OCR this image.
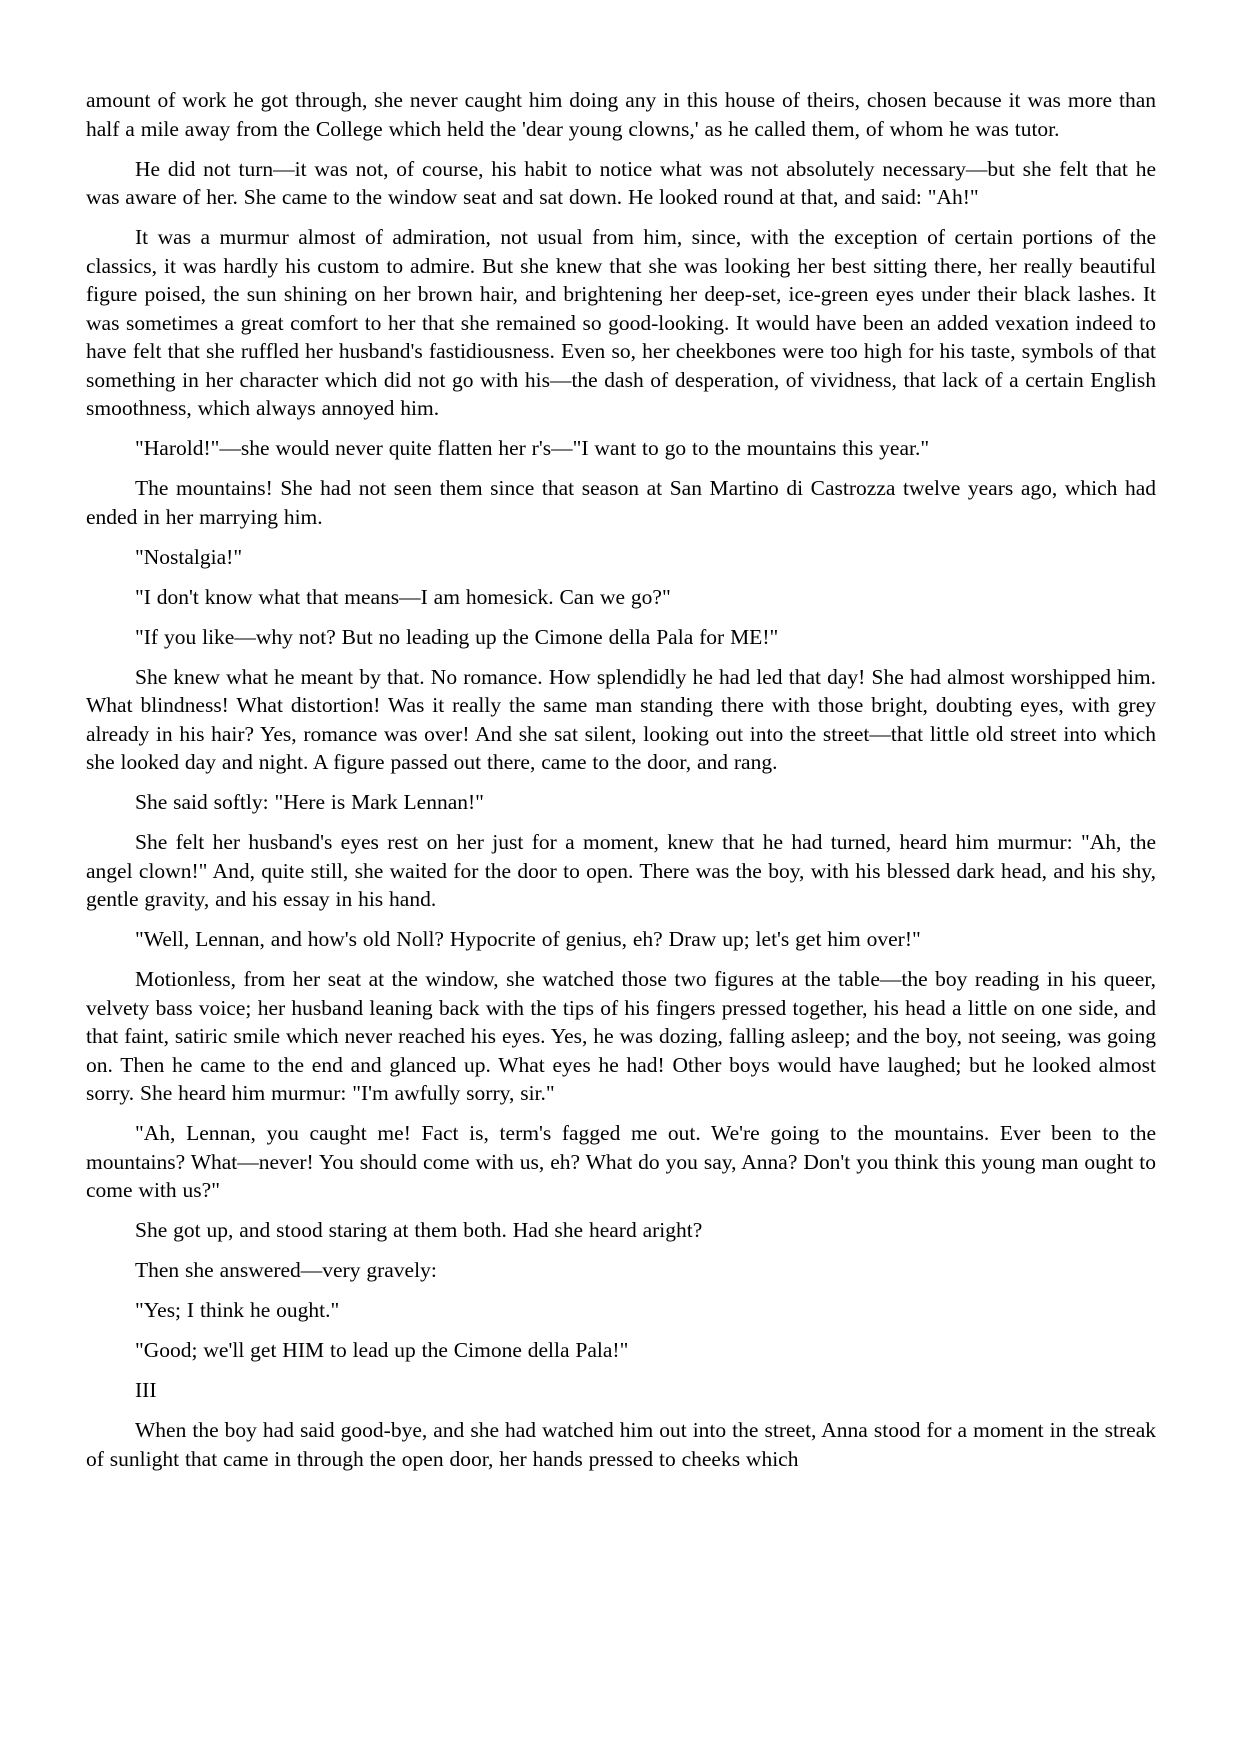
amount of work he got through, she never caught him doing any in this house of theirs, chosen because it was more than half a mile away from the College which held the 'dear young clowns,' as he called them, of whom he was tutor.

He did not turn—it was not, of course, his habit to notice what was not absolutely necessary—but she felt that he was aware of her. She came to the window seat and sat down. He looked round at that, and said: "Ah!"

It was a murmur almost of admiration, not usual from him, since, with the exception of certain portions of the classics, it was hardly his custom to admire. But she knew that she was looking her best sitting there, her really beautiful figure poised, the sun shining on her brown hair, and brightening her deep-set, ice-green eyes under their black lashes. It was sometimes a great comfort to her that she remained so good-looking. It would have been an added vexation indeed to have felt that she ruffled her husband's fastidiousness. Even so, her cheekbones were too high for his taste, symbols of that something in her character which did not go with his—the dash of desperation, of vividness, that lack of a certain English smoothness, which always annoyed him.

"Harold!"—she would never quite flatten her r's—"I want to go to the mountains this year."

The mountains! She had not seen them since that season at San Martino di Castrozza twelve years ago, which had ended in her marrying him.

"Nostalgia!"

"I don't know what that means—I am homesick. Can we go?"

"If you like—why not? But no leading up the Cimone della Pala for ME!"

She knew what he meant by that. No romance. How splendidly he had led that day! She had almost worshipped him. What blindness! What distortion! Was it really the same man standing there with those bright, doubting eyes, with grey already in his hair? Yes, romance was over! And she sat silent, looking out into the street—that little old street into which she looked day and night. A figure passed out there, came to the door, and rang.

She said softly: "Here is Mark Lennan!"

She felt her husband's eyes rest on her just for a moment, knew that he had turned, heard him murmur: "Ah, the angel clown!" And, quite still, she waited for the door to open. There was the boy, with his blessed dark head, and his shy, gentle gravity, and his essay in his hand.

"Well, Lennan, and how's old Noll? Hypocrite of genius, eh? Draw up; let's get him over!"

Motionless, from her seat at the window, she watched those two figures at the table—the boy reading in his queer, velvety bass voice; her husband leaning back with the tips of his fingers pressed together, his head a little on one side, and that faint, satiric smile which never reached his eyes. Yes, he was dozing, falling asleep; and the boy, not seeing, was going on. Then he came to the end and glanced up. What eyes he had! Other boys would have laughed; but he looked almost sorry. She heard him murmur: "I'm awfully sorry, sir."

"Ah, Lennan, you caught me! Fact is, term's fagged me out. We're going to the mountains. Ever been to the mountains? What—never! You should come with us, eh? What do you say, Anna? Don't you think this young man ought to come with us?"

She got up, and stood staring at them both. Had she heard aright?

Then she answered—very gravely:

"Yes; I think he ought."

"Good; we'll get HIM to lead up the Cimone della Pala!"

III

When the boy had said good-bye, and she had watched him out into the street, Anna stood for a moment in the streak of sunlight that came in through the open door, her hands pressed to cheeks which
